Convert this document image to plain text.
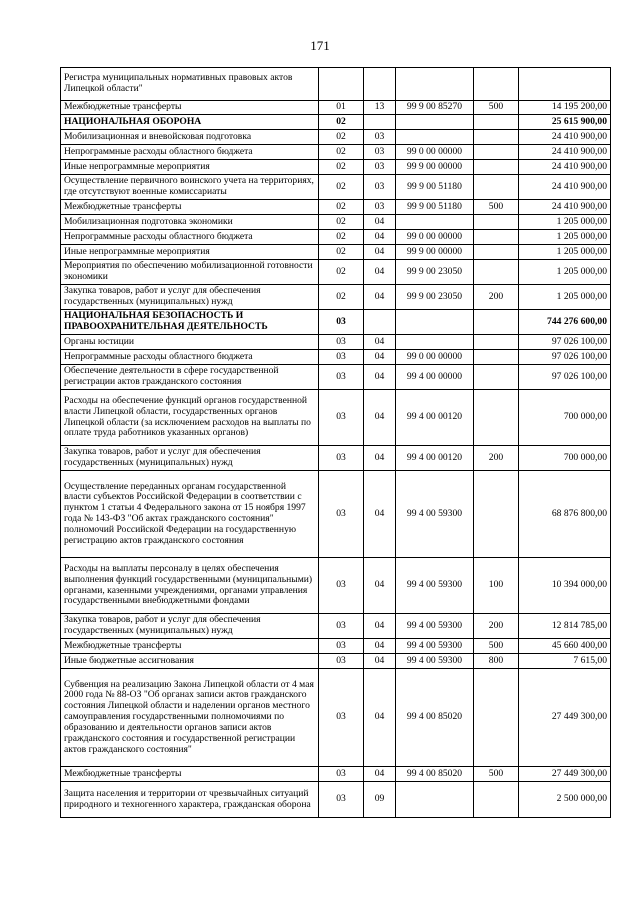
171
Регистра муниципальных нормативных правовых актов Липецкой области"					
Межбюджетные трансферты	01	13	99 9 00 85270	500	14 195 200,00
НАЦИОНАЛЬНАЯ ОБОРОНА	02				25 615 900,00
Мобилизационная и вневойсковая подготовка	02	03			24 410 900,00
Непрограммные расходы областного бюджета	02	03	99 0 00 00000		24 410 900,00
Иные непрограммные мероприятия	02	03	99 9 00 00000		24 410 900,00
Осуществление первичного воинского учета на территориях, где отсутствуют военные комиссариаты	02	03	99 9 00 51180		24 410 900,00
Межбюджетные трансферты	02	03	99 9 00 51180	500	24 410 900,00
Мобилизационная подготовка экономики	02	04			1 205 000,00
Непрограммные расходы областного бюджета	02	04	99 0 00 00000		1 205 000,00
Иные непрограммные мероприятия	02	04	99 9 00 00000		1 205 000,00
Мероприятия по обеспечению мобилизационной готовности экономики	02	04	99 9 00 23050		1 205 000,00
Закупка товаров, работ и услуг для обеспечения государственных (муниципальных) нужд	02	04	99 9 00 23050	200	1 205 000,00
НАЦИОНАЛЬНАЯ БЕЗОПАСНОСТЬ И ПРАВООХРАНИТЕЛЬНАЯ ДЕЯТЕЛЬНОСТЬ	03				744 276 600,00
Органы юстиции	03	04			97 026 100,00
Непрограммные расходы областного бюджета	03	04	99 0 00 00000		97 026 100,00
Обеспечение деятельности в сфере государственной регистрации актов гражданского состояния	03	04	99 4 00 00000		97 026 100,00
Расходы на обеспечение функций органов государственной власти Липецкой области, государственных органов Липецкой области (за исключением расходов на выплаты по оплате труда работников указанных органов)	03	04	99 4 00 00120		700 000,00
Закупка товаров, работ и услуг для обеспечения государственных (муниципальных) нужд	03	04	99 4 00 00120	200	700 000,00
Осуществление переданных органам государственной власти субъектов Российской Федерации в соответствии с пунктом 1 статьи 4 Федерального закона от 15 ноября 1997 года № 143-ФЗ "Об актах гражданского состояния" полномочий Российской Федерации на государственную регистрацию актов гражданского состояния	03	04	99 4 00 59300		68 876 800,00
Расходы на выплаты персоналу в целях обеспечения выполнения функций государственными (муниципальными) органами, казенными учреждениями, органами управления государственными внебюджетными фондами	03	04	99 4 00 59300	100	10 394 000,00
Закупка товаров, работ и услуг для обеспечения государственных (муниципальных) нужд	03	04	99 4 00 59300	200	12 814 785,00
Межбюджетные трансферты	03	04	99 4 00 59300	500	45 660 400,00
Иные бюджетные ассигнования	03	04	99 4 00 59300	800	7 615,00
Субвенция на реализацию Закона Липецкой области от 4 мая 2000 года № 88-ОЗ "Об органах записи актов гражданского состояния Липецкой области и наделении органов местного самоуправления государственными полномочиями по образованию и деятельности органов записи актов гражданского состояния и государственной регистрации актов гражданского состояния"	03	04	99 4 00 85020		27 449 300,00
Межбюджетные трансферты	03	04	99 4 00 85020	500	27 449 300,00
Защита населения и территории от чрезвычайных ситуаций природного и техногенного характера, гражданская оборона	03	09			2 500 000,00
